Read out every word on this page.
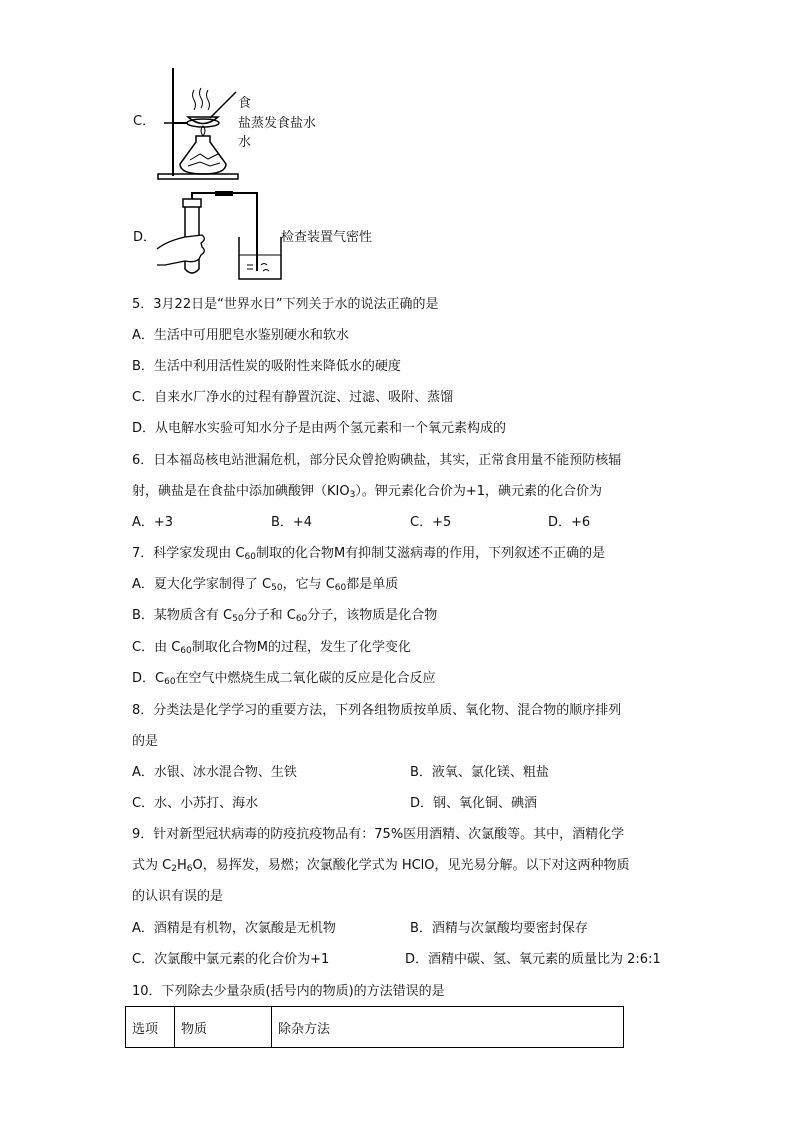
C．
食
盐蒸发食盐水
水
D．	检查装置气密性
5．3月22日是“世界水日”下列关于水的说法正确的是
A．生活中可用肥皂水鉴别硬水和软水
B．生活中利用活性炭的吸附性来降低水的硬度
C．自来水厂净水的过程有静置沉淀、过滤、吸附、蒸馏
D．从电解水实验可知水分子是由两个氢元素和一个氧元素构成的
6．日本福岛核电站泄漏危机，部分民众曾抢购碘盐，其实，正常食用量不能预防核辐
射，碘盐是在食盐中添加碘酸钾$(KIO_3)$。钾元素化合价为+1，碘元素的化合价为
A．+3	B．+4	C．+5	D．+6
7．科学家发现由 $C_{60}$制取的化合物M有抑制艾滋病毒的作用，下列叙述不正确的是
A．夏大化学家制得了 $C_{50}$，它与 $C_{60}$都是单质
B．某物质含有 $C_{50}$分子和 $C_{60}$分子，该物质是化合物
C．由 $C_{60}$制取化合物M的过程，发生了化学变化
D．$C_{60}$在空气中燃烧生成二氧化碳的反应是化合反应
8．分类法是化学学习的重要方法，下列各组物质按单质、氧化物、混合物的顺序排列
的是
A．水银、冰水混合物、生铁	B．液氧、氯化镁、粗盐
C．水、小苏打、海水	D．钢、氧化铜、碘酒
9．针对新型冠状病毒的防疫抗疫物品有：75%医用酒精、次氯酸等。其中，酒精化学
式为 $C_2H_6O$，易挥发，易燃；次氯酸化学式为 HClO，见光易分解。以下对这两种物质
的认识有误的是
A．酒精是有机物，次氯酸是无机物	B．酒精与次氯酸均要密封保存
C．次氯酸中氯元素的化合价为+1	D．酒精中碳、氢、氧元素的质量比为 2:6:1
10．下列除去少量杂质(括号内的物质)的方法错误的是
选项	物质	除杂方法
